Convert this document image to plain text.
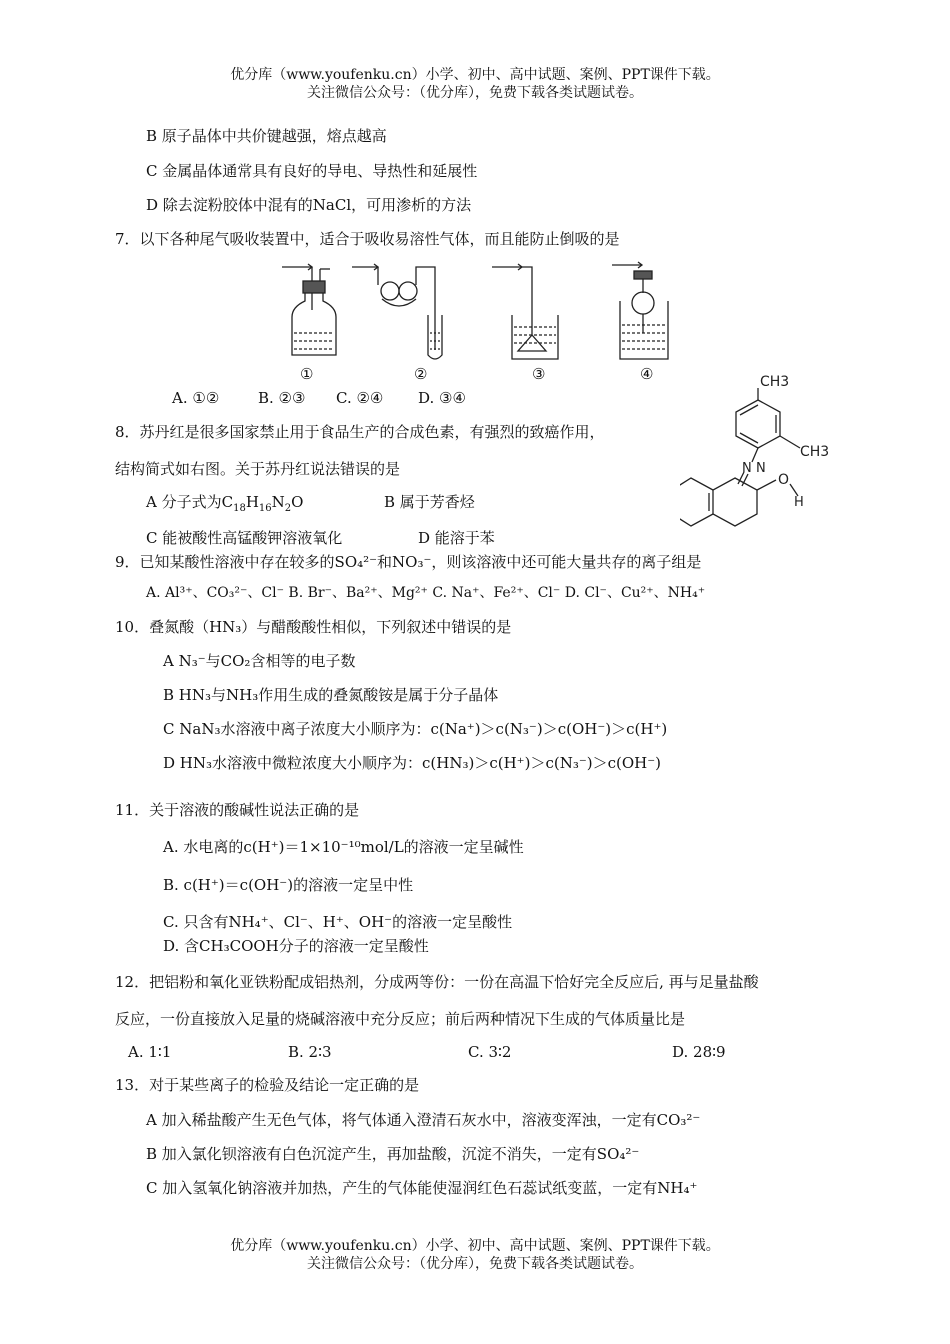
优分库（www.youfenku.cn）小学、初中、高中试题、案例、PPT课件下载。
关注微信公众号：（优分库），免费下载各类试题试卷。
B 原子晶体中共价键越强，熔点越高
C 金属晶体通常具有良好的导电、导热性和延展性
D 除去淀粉胶体中混有的NaCl，可用渗析的方法
7．以下各种尾气吸收装置中，适合于吸收易溶性气体，而且能防止倒吸的是
①	②	③	④
A. ①②	B. ②③ C. ②④ D. ③④
8．苏丹红是很多国家禁止用于食品生产的合成色素，有强烈的致癌作用，
结构简式如右图。关于苏丹红说法错误的是
A 分子式为$C_{18}H_{16}N_2O$	B 属于芳香烃
C 能被酸性高锰酸钾溶液氧化	D 能溶于苯
CH3
CH3
N N
O
H
9．已知某酸性溶液中存在较多的SO₄²⁻和NO₃⁻，则该溶液中还可能大量共存的离子组是
A. Al³⁺、CO₃²⁻、Cl⁻ B. Br⁻、Ba²⁺、Mg²⁺ C. Na⁺、Fe²⁺、Cl⁻ D. Cl⁻、Cu²⁺、NH₄⁺
10．叠氮酸（HN₃）与醋酸酸性相似，下列叙述中错误的是
A N₃⁻与CO₂含相等的电子数
B HN₃与NH₃作用生成的叠氮酸铵是属于分子晶体
C NaN₃水溶液中离子浓度大小顺序为：c(Na⁺)＞c(N₃⁻)＞c(OH⁻)＞c(H⁺)
D HN₃水溶液中微粒浓度大小顺序为：c(HN₃)＞c(H⁺)＞c(N₃⁻)＞c(OH⁻)
11．关于溶液的酸碱性说法正确的是
A. 水电离的c(H⁺)＝1×10⁻¹⁰mol/L的溶液一定呈碱性
B. c(H⁺)＝c(OH⁻)的溶液一定呈中性
C. 只含有NH₄⁺、Cl⁻、H⁺、OH⁻的溶液一定呈酸性
D. 含CH₃COOH分子的溶液一定呈酸性
12．把铝粉和氧化亚铁粉配成铝热剂，分成两等份：一份在高温下恰好完全反应后, 再与足量盐酸
反应，一份直接放入足量的烧碱溶液中充分反应；前后两种情况下生成的气体质量比是
A. 1∶1	B. 2∶3	C. 3∶2	D. 28∶9
13．对于某些离子的检验及结论一定正确的是
A 加入稀盐酸产生无色气体，将气体通入澄清石灰水中，溶液变浑浊，一定有CO₃²⁻
B 加入氯化钡溶液有白色沉淀产生，再加盐酸，沉淀不消失，一定有SO₄²⁻
C 加入氢氧化钠溶液并加热，产生的气体能使湿润红色石蕊试纸变蓝，一定有NH₄⁺
优分库（www.youfenku.cn）小学、初中、高中试题、案例、PPT课件下载。
关注微信公众号：（优分库），免费下载各类试题试卷。
